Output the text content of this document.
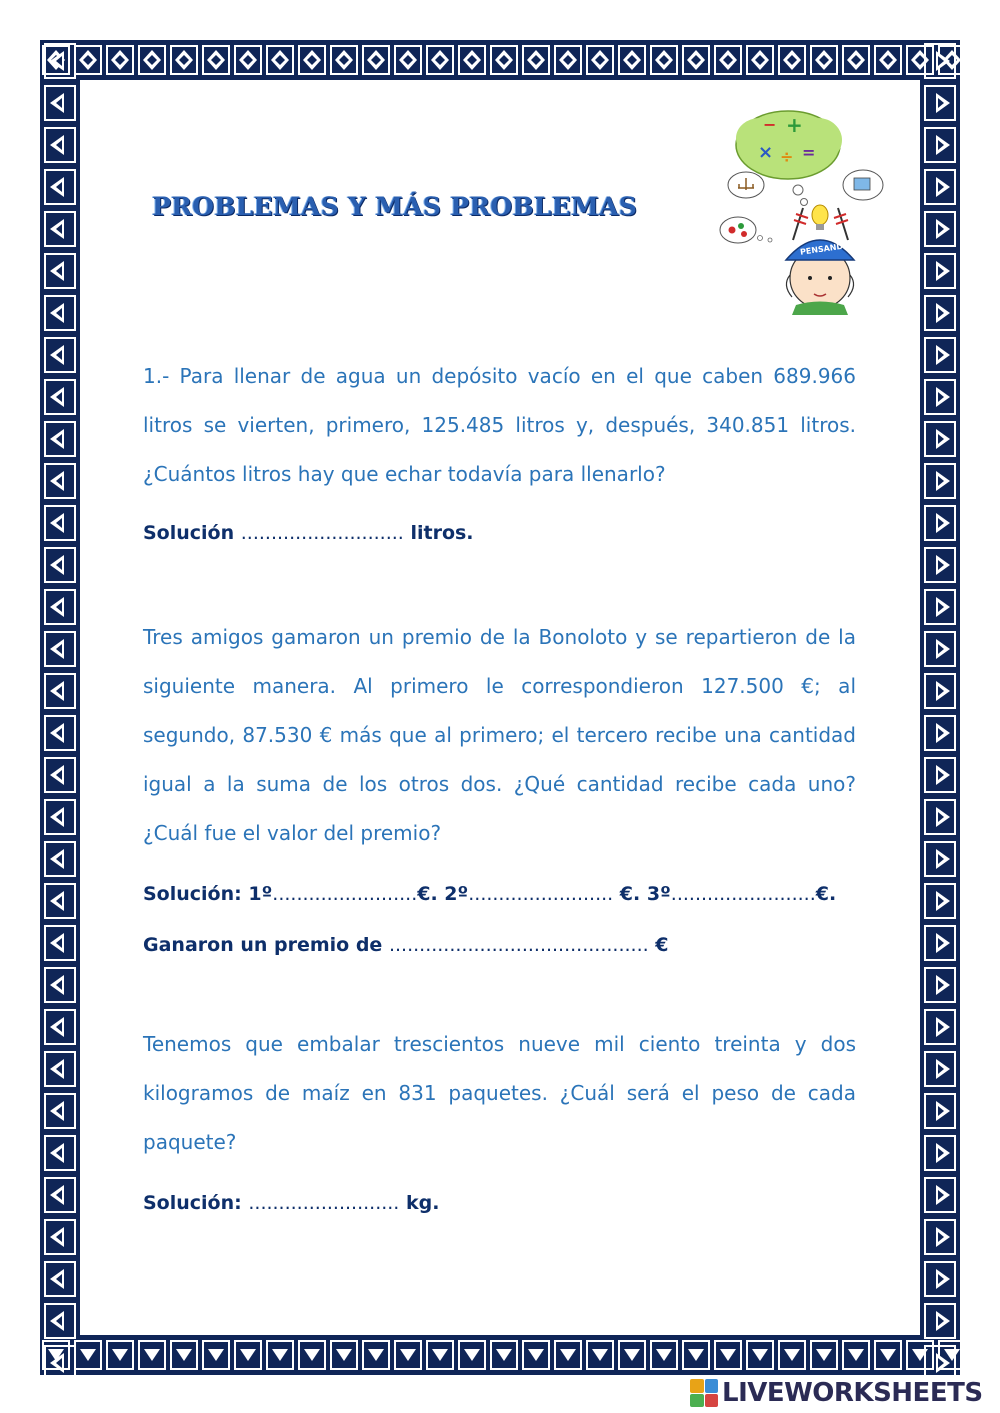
PROBLEMAS Y MÁS PROBLEMAS
− +
× ÷ =
PENSANDO

1.- Para llenar de agua un depósito vacío en el que caben 689.966 litros se vierten, primero, 125.485 litros y, después, 340.851 litros. ¿Cuántos litros hay que echar todavía para llenarlo?

Solución ........................... litros.

Tres amigos gamaron un premio de la Bonoloto y se repartieron de la siguiente manera. Al primero le correspondieron 127.500 €; al segundo, 87.530 € más que al primero; el tercero recibe una cantidad igual a la suma de los otros dos. ¿Qué cantidad recibe cada uno? ¿Cuál fue el valor del premio?

Solución: 1º........................€. 2º........................ €. 3º........................€.

Ganaron un premio de ........................................... €

Tenemos que embalar trescientos nueve mil ciento treinta y dos kilogramos de maíz en 831 paquetes. ¿Cuál será el peso de cada paquete?

Solución: ......................... kg.

LIVEWORKSHEETS
